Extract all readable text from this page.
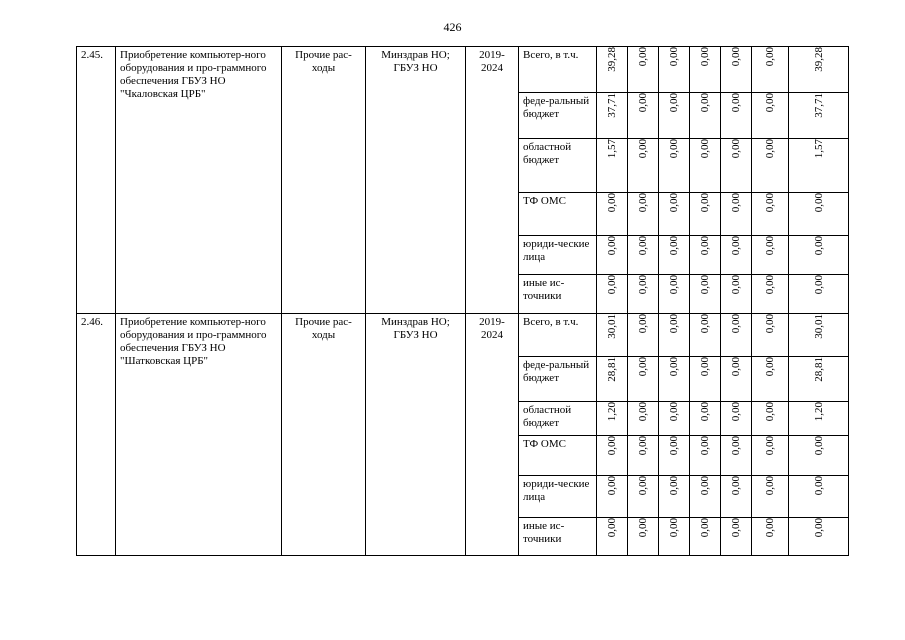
426
2.45.	Приобретение компьютер-ного оборудования и про-граммного обеспечения ГБУЗ НО "Чкаловская ЦРБ"	Прочие рас-ходы	Минздрав НО; ГБУЗ НО	2019-2024	Всего, в т.ч.	39,28	0,00	0,00	0,00	0,00	0,00	39,28

					феде-ральный бюджет	37,71	0,00	0,00	0,00	0,00	0,00	37,71

					областной бюджет	1,57	0,00	0,00	0,00	0,00	0,00	1,57

					ТФ ОМС	0,00	0,00	0,00	0,00	0,00	0,00	0,00

					юриди-ческие лица	0,00	0,00	0,00	0,00	0,00	0,00	0,00

					иные ис-точники	0,00	0,00	0,00	0,00	0,00	0,00	0,00

2.46.	Приобретение компьютер-ного оборудования и про-граммного обеспечения ГБУЗ НО "Шатковская ЦРБ"	Прочие рас-ходы	Минздрав НО; ГБУЗ НО	2019-2024	Всего, в т.ч.	30,01	0,00	0,00	0,00	0,00	0,00	30,01

					феде-ральный бюджет	28,81	0,00	0,00	0,00	0,00	0,00	28,81

					областной бюджет	1,20	0,00	0,00	0,00	0,00	0,00	1,20

					ТФ ОМС	0,00	0,00	0,00	0,00	0,00	0,00	0,00

					юриди-ческие лица	0,00	0,00	0,00	0,00	0,00	0,00	0,00

					иные ис-точники	0,00	0,00	0,00	0,00	0,00	0,00	0,00
